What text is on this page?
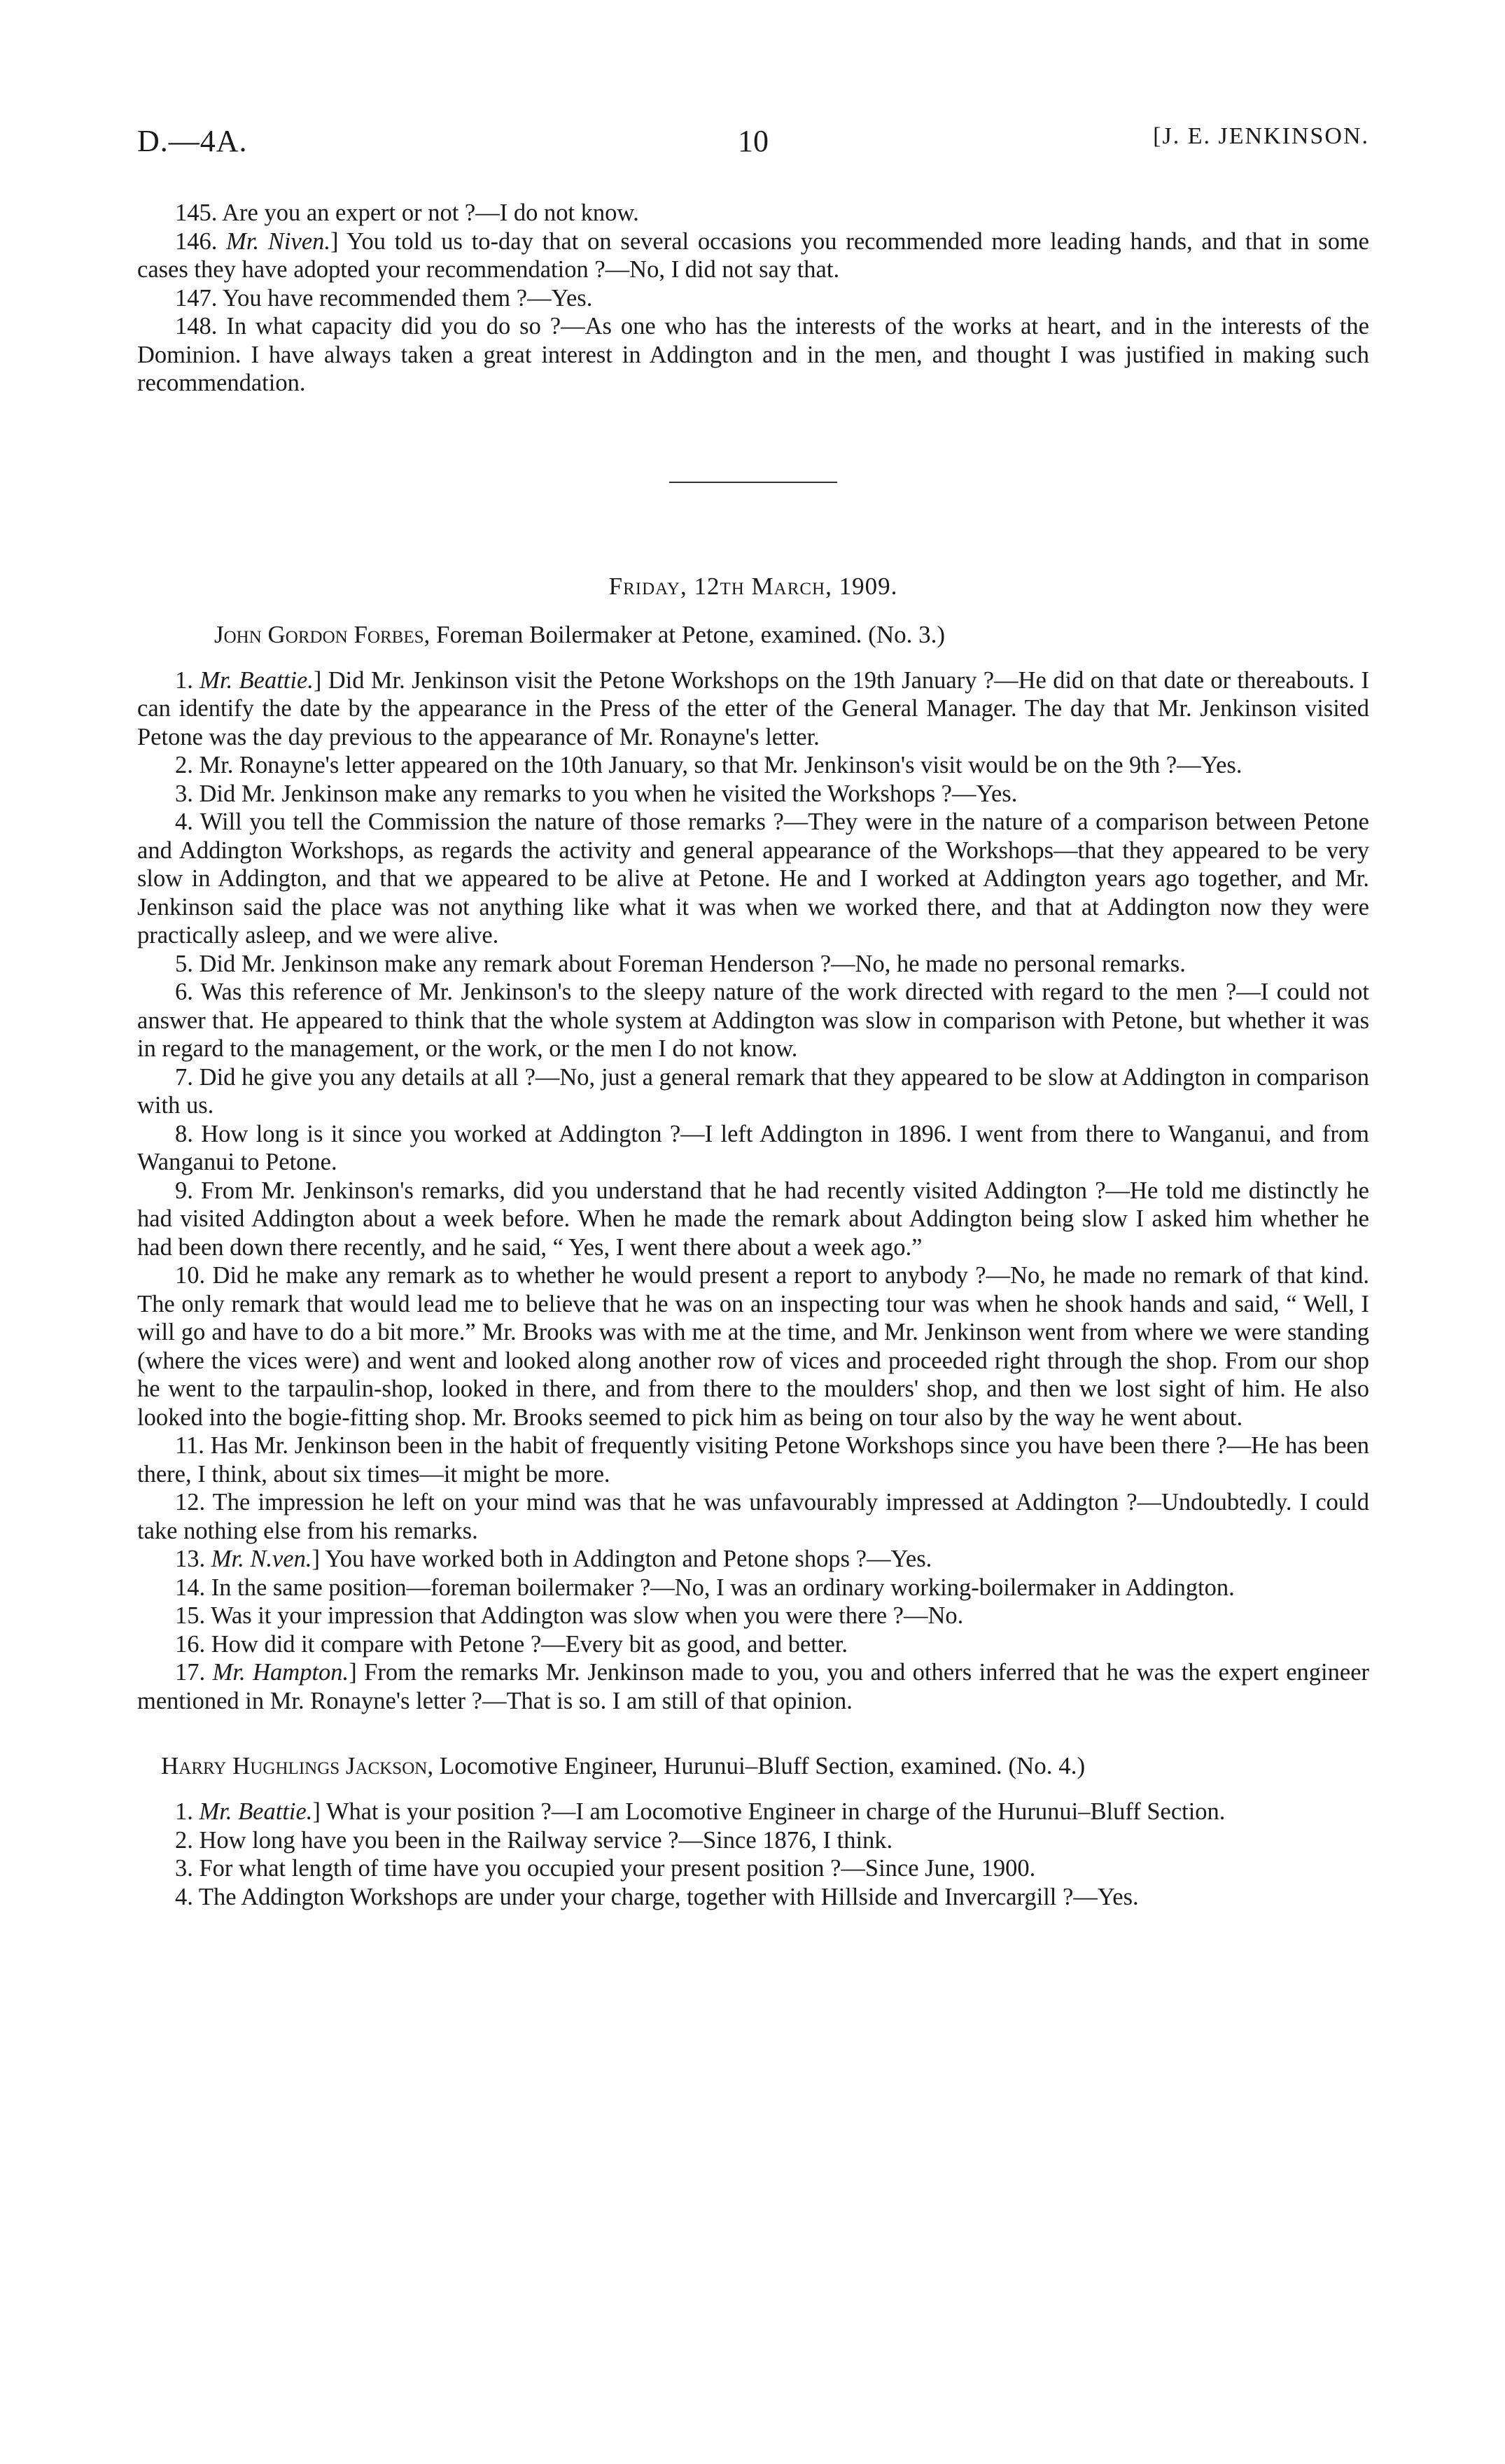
D.—4A.	10	[J. E. JENKINSON.

145. Are you an expert or not ?—I do not know.

146. Mr. Niven.] You told us to-day that on several occasions you recommended more leading hands, and that in some cases they have adopted your recommendation ?—No, I did not say that.

147. You have recommended them ?—Yes.

148. In what capacity did you do so ?—As one who has the interests of the works at heart, and in the interests of the Dominion. I have always taken a great interest in Addington and in the men, and thought I was justified in making such recommendation.

Friday, 12th March, 1909.
John Gordon Forbes, Foreman Boilermaker at Petone, examined. (No. 3.)

1. Mr. Beattie.] Did Mr. Jenkinson visit the Petone Workshops on the 19th January ?—He did on that date or thereabouts. I can identify the date by the appearance in the Press of the etter of the General Manager. The day that Mr. Jenkinson visited Petone was the day previous to the appearance of Mr. Ronayne's letter.

2. Mr. Ronayne's letter appeared on the 10th January, so that Mr. Jenkinson's visit would be on the 9th ?—Yes.

3. Did Mr. Jenkinson make any remarks to you when he visited the Workshops ?—Yes.

4. Will you tell the Commission the nature of those remarks ?—They were in the nature of a comparison between Petone and Addington Workshops, as regards the activity and general appearance of the Workshops—that they appeared to be very slow in Addington, and that we appeared to be alive at Petone. He and I worked at Addington years ago together, and Mr. Jenkinson said the place was not anything like what it was when we worked there, and that at Addington now they were practically asleep, and we were alive.

5. Did Mr. Jenkinson make any remark about Foreman Henderson ?—No, he made no personal remarks.

6. Was this reference of Mr. Jenkinson's to the sleepy nature of the work directed with regard to the men ?—I could not answer that. He appeared to think that the whole system at Addington was slow in comparison with Petone, but whether it was in regard to the management, or the work, or the men I do not know.

7. Did he give you any details at all ?—No, just a general remark that they appeared to be slow at Addington in comparison with us.

8. How long is it since you worked at Addington ?—I left Addington in 1896. I went from there to Wanganui, and from Wanganui to Petone.

9. From Mr. Jenkinson's remarks, did you understand that he had recently visited Addington ?—He told me distinctly he had visited Addington about a week before. When he made the remark about Addington being slow I asked him whether he had been down there recently, and he said, “ Yes, I went there about a week ago.”

10. Did he make any remark as to whether he would present a report to anybody ?—No, he made no remark of that kind. The only remark that would lead me to believe that he was on an inspecting tour was when he shook hands and said, “ Well, I will go and have to do a bit more.” Mr. Brooks was with me at the time, and Mr. Jenkinson went from where we were standing (where the vices were) and went and looked along another row of vices and proceeded right through the shop. From our shop he went to the tarpaulin-shop, looked in there, and from there to the moulders' shop, and then we lost sight of him. He also looked into the bogie-fitting shop. Mr. Brooks seemed to pick him as being on tour also by the way he went about.

11. Has Mr. Jenkinson been in the habit of frequently visiting Petone Workshops since you have been there ?—He has been there, I think, about six times—it might be more.

12. The impression he left on your mind was that he was unfavourably impressed at Addington ?—Undoubtedly. I could take nothing else from his remarks.

13. Mr. N.ven.] You have worked both in Addington and Petone shops ?—Yes.

14. In the same position—foreman boilermaker ?—No, I was an ordinary working-boilermaker in Addington.

15. Was it your impression that Addington was slow when you were there ?—No.

16. How did it compare with Petone ?—Every bit as good, and better.

17. Mr. Hampton.] From the remarks Mr. Jenkinson made to you, you and others inferred that he was the expert engineer mentioned in Mr. Ronayne's letter ?—That is so. I am still of that opinion.

Harry Hughlings Jackson, Locomotive Engineer, Hurunui–Bluff Section, examined. (No. 4.)

1. Mr. Beattie.] What is your position ?—I am Locomotive Engineer in charge of the Hurunui–Bluff Section.

2. How long have you been in the Railway service ?—Since 1876, I think.

3. For what length of time have you occupied your present position ?—Since June, 1900.

4. The Addington Workshops are under your charge, together with Hillside and Invercargill ?—Yes.
